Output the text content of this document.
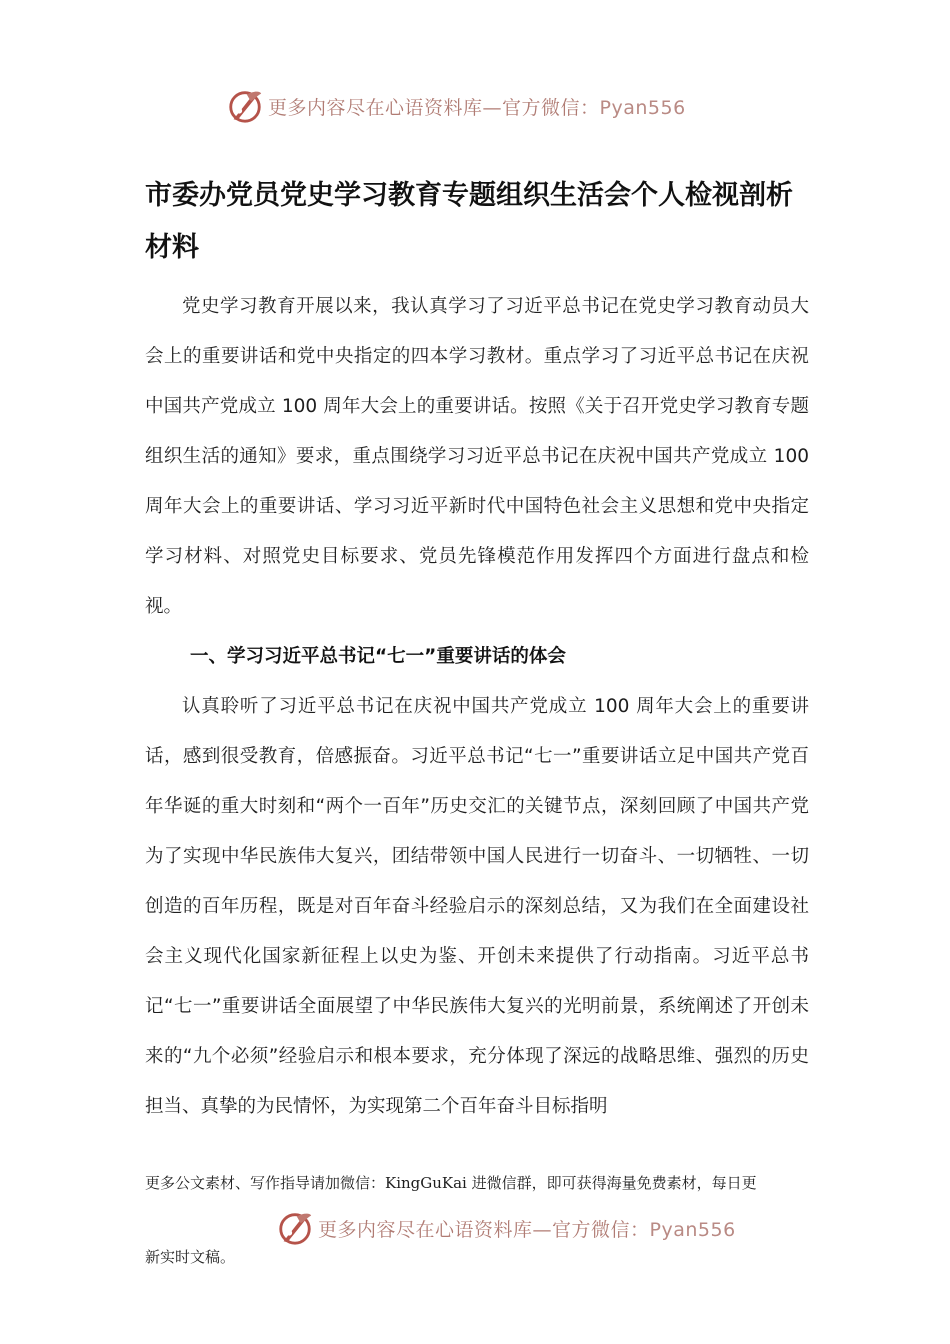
更多内容尽在心语资料库—官方微信：Pyan556
市委办党员党史学习教育专题组织生活会个人检视剖析材料

党史学习教育开展以来，我认真学习了习近平总书记在党史学习教育动员大会上的重要讲话和党中央指定的四本学习教材。重点学习了习近平总书记在庆祝中国共产党成立 100 周年大会上的重要讲话。按照《关于召开党史学习教育专题组织生活的通知》要求，重点围绕学习习近平总书记在庆祝中国共产党成立 100 周年大会上的重要讲话、学习习近平新时代中国特色社会主义思想和党中央指定学习材料、对照党史目标要求、党员先锋模范作用发挥四个方面进行盘点和检视。

一、学习习近平总书记“七一”重要讲话的体会

认真聆听了习近平总书记在庆祝中国共产党成立 100 周年大会上的重要讲话，感到很受教育，倍感振奋。习近平总书记“七一”重要讲话立足中国共产党百年华诞的重大时刻和“两个一百年”历史交汇的关键节点，深刻回顾了中国共产党为了实现中华民族伟大复兴，团结带领中国人民进行一切奋斗、一切牺牲、一切创造的百年历程，既是对百年奋斗经验启示的深刻总结，又为我们在全面建设社会主义现代化国家新征程上以史为鉴、开创未来提供了行动指南。习近平总书记“七一”重要讲话全面展望了中华民族伟大复兴的光明前景，系统阐述了开创未来的“九个必须”经验启示和根本要求，充分体现了深远的战略思维、强烈的历史担当、真挚的为民情怀，为实现第二个百年奋斗目标指明

更多公文素材、写作指导请加微信：KingGuKai 进微信群，即可获得海量免费素材，每日更

更多内容尽在心语资料库—官方微信：Pyan556

新实时文稿。
